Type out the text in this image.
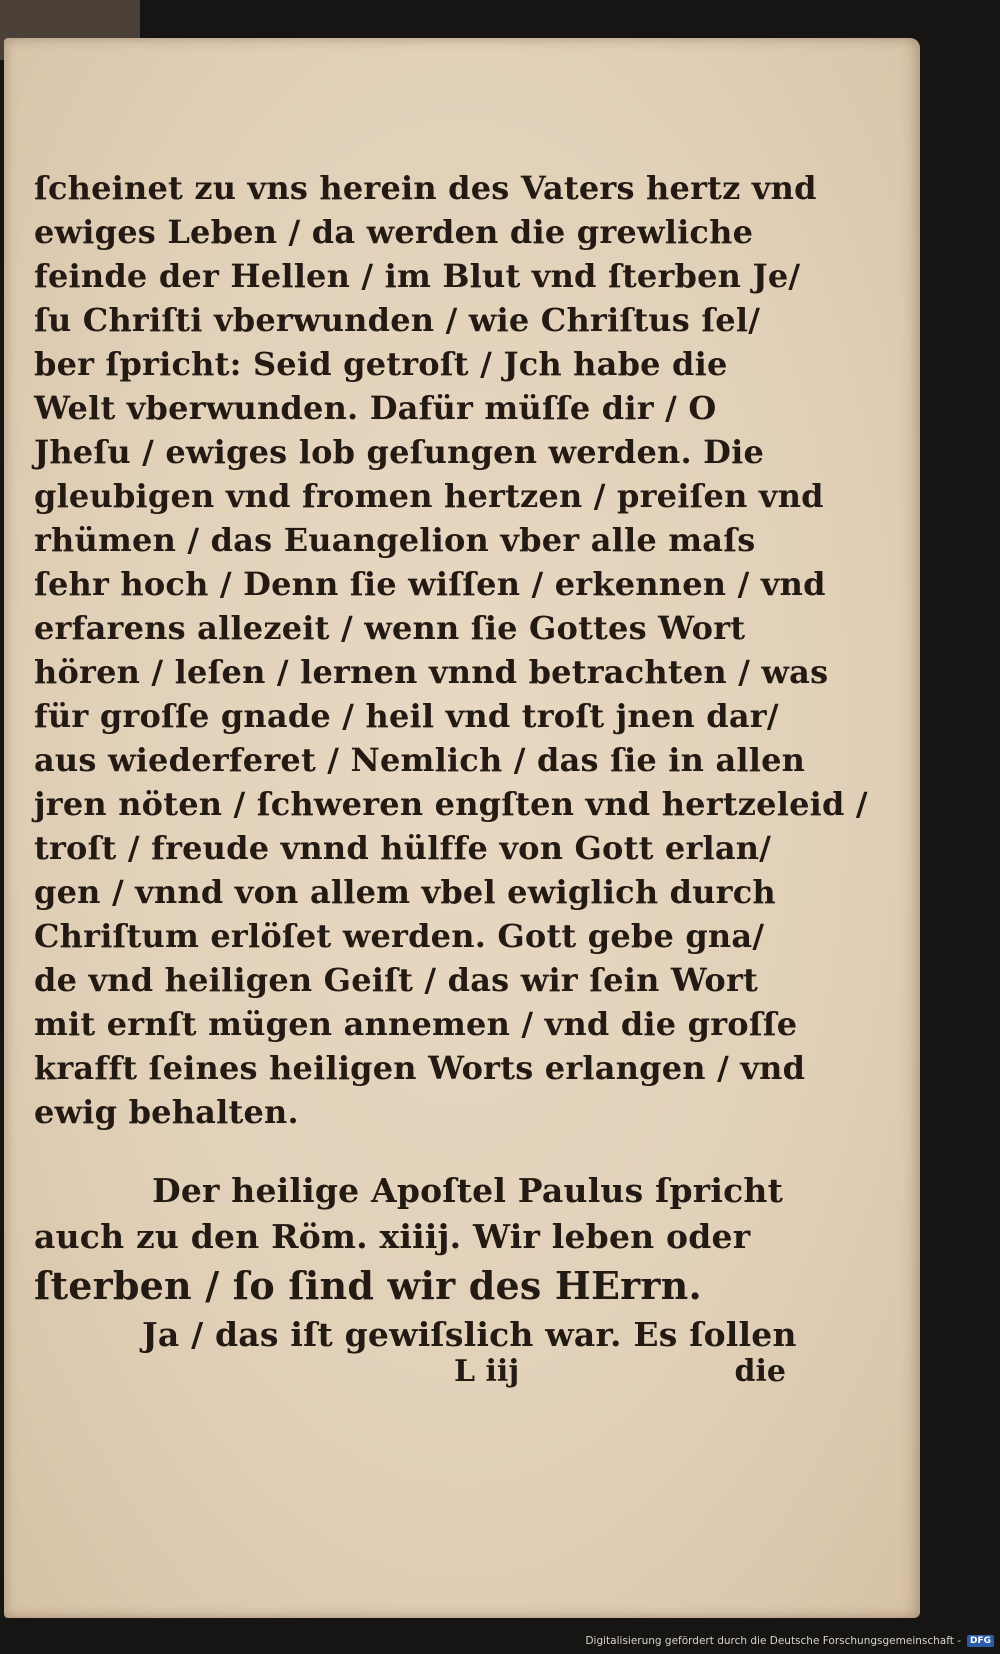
ſcheinet zu vns herein des Vaters hertz vnd
ewiges Leben / da werden die grewliche
feinde der Hellen / im Blut vnd ſterben Je/
ſu Chriſti vberwunden / wie Chriſtus ſel/
ber ſpricht: Seid getroſt / Jch habe die
Welt vberwunden. Dafür müſſe dir / O
Jheſu / ewiges lob geſungen werden. Die
gleubigen vnd fromen hertzen / preiſen vnd
rhümen / das Euangelion vber alle maſs
ſehr hoch / Denn ſie wiſſen / erkennen / vnd
erfarens allezeit / wenn ſie Gottes Wort
hören / leſen / lernen vnnd betrachten / was
für groſſe gnade / heil vnd troſt jnen dar/
aus wiederferet / Nemlich / das ſie in allen
jren nöten / ſchweren engſten vnd hertzeleid /
troſt / freude vnnd hülffe von Gott erlan/
gen / vnnd von allem vbel ewiglich durch
Chriſtum erlöſet werden. Gott gebe gna/
de vnd heiligen Geiſt / das wir ſein Wort
mit ernſt mügen annemen / vnd die groſſe
krafft ſeines heiligen Worts erlangen / vnd
ewig behalten.
Der heilige Apoſtel Paulus ſpricht
auch zu den Röm. xiiij. Wir leben oder
ſterben / ſo ſind wir des HErrn.
Ja / das iſt gewiſslich war. Es ſollen
L iij	die
Digitalisierung gefördert durch die Deutsche Forschungsgemeinschaft -	DFG
